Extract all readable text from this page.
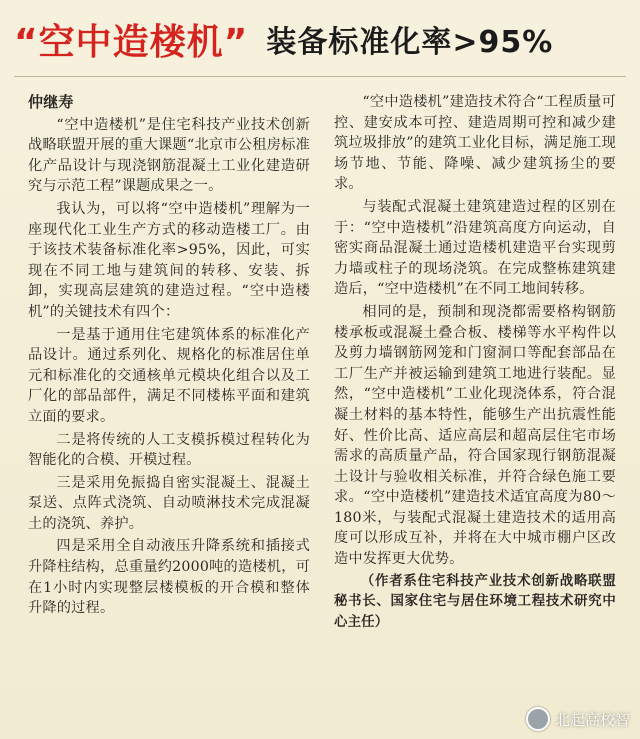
“空中造楼机” 装备标准化率>95%

仲继寿

“空中造楼机”是住宅科技产业技术创新战略联盟开展的重大课题“北京市公租房标准化产品设计与现浇钢筋混凝土工业化建造研究与示范工程”课题成果之一。

我认为，可以将“空中造楼机”理解为一座现代化工业生产方式的移动造楼工厂。由于该技术装备标准化率>95%，因此，可实现在不同工地与建筑间的转移、安装、拆卸，实现高层建筑的建造过程。“空中造楼机”的关键技术有四个：

一是基于通用住宅建筑体系的标准化产品设计。通过系列化、规格化的标准居住单元和标准化的交通核单元模块化组合以及工厂化的部品部件，满足不同楼栋平面和建筑立面的要求。

二是将传统的人工支模拆模过程转化为智能化的合模、开模过程。

三是采用免振捣自密实混凝土、混凝土泵送、点阵式浇筑、自动喷淋技术完成混凝土的浇筑、养护。

四是采用全自动液压升降系统和插接式升降柱结构，总重量约2000吨的造楼机，可在1小时内实现整层楼模板的开合模和整体升降的过程。

“空中造楼机”建造技术符合“工程质量可控、建安成本可控、建造周期可控和减少建筑垃圾排放”的建筑工业化目标，满足施工现场节地、节能、降噪、减少建筑扬尘的要求。

与装配式混凝土建筑建造过程的区别在于：“空中造楼机”沿建筑高度方向运动，自密实商品混凝土通过造楼机建造平台实现剪力墙或柱子的现场浇筑。在完成整栋建筑建造后，“空中造楼机”在不同工地间转移。

相同的是，预制和现浇都需要格构钢筋楼承板或混凝土叠合板、楼梯等水平构件以及剪力墙钢筋网笼和门窗洞口等配套部品在工厂生产并被运输到建筑工地进行装配。显然，“空中造楼机”工业化现浇体系，符合混凝土材料的基本特性，能够生产出抗震性能好、性价比高、适应高层和超高层住宅市场需求的高质量产品，符合国家现行钢筋混凝土设计与验收相关标准，并符合绿色施工要求。“空中造楼机”建造技术适宜高度为80～180米，与装配式混凝土建造技术的适用高度可以形成互补，并将在大中城市棚户区改造中发挥更大优势。

（作者系住宅科技产业技术创新战略联盟秘书长、国家住宅与居住环境工程技术研究中心主任）

北起高校智
